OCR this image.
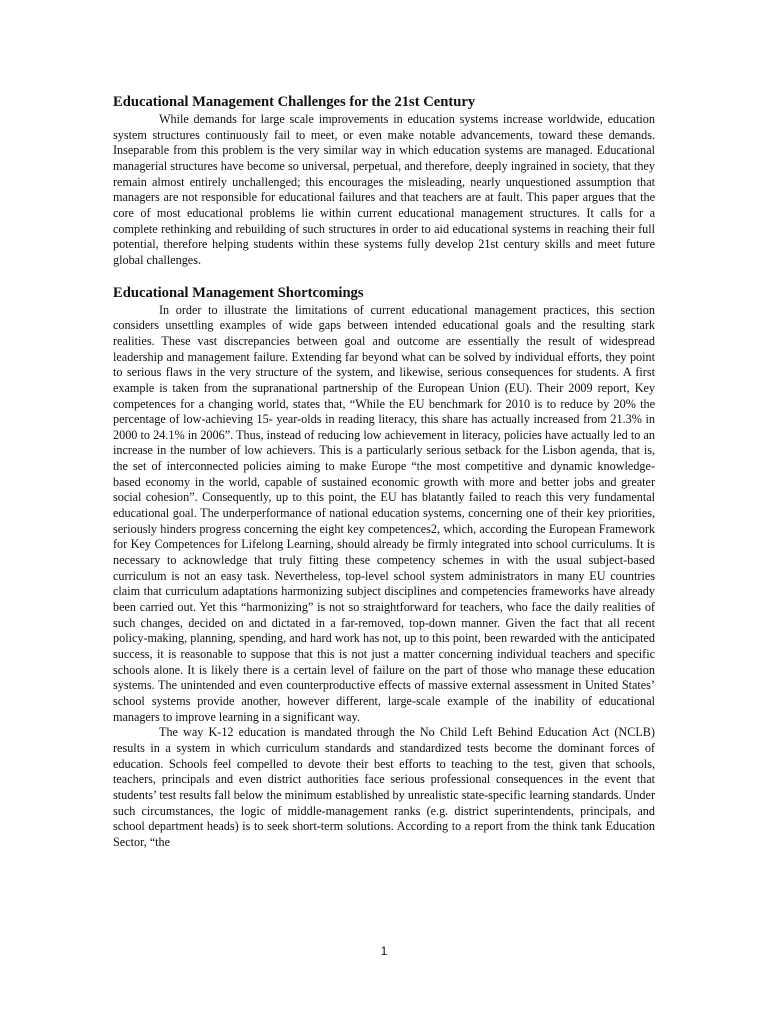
Educational Management Challenges for the 21st Century

While demands for large scale improvements in education systems increase worldwide, education system structures continuously fail to meet, or even make notable advancements, toward these demands. Inseparable from this problem is the very similar way in which education systems are managed. Educational managerial structures have become so universal, perpetual, and therefore, deeply ingrained in society, that they remain almost entirely unchallenged; this encourages the misleading, nearly unquestioned assumption that managers are not responsible for educational failures and that teachers are at fault. This paper argues that the core of most educational problems lie within current educational management structures. It calls for a complete rethinking and rebuilding of such structures in order to aid educational systems in reaching their full potential, therefore helping students within these systems fully develop 21st century skills and meet future global challenges.

Educational Management Shortcomings

In order to illustrate the limitations of current educational management practices, this section considers unsettling examples of wide gaps between intended educational goals and the resulting stark realities. These vast discrepancies between goal and outcome are essentially the result of widespread leadership and management failure. Extending far beyond what can be solved by individual efforts, they point to serious flaws in the very structure of the system, and likewise, serious consequences for students. A first example is taken from the supranational partnership of the European Union (EU). Their 2009 report, Key competences for a changing world, states that, “While the EU benchmark for 2010 is to reduce by 20% the percentage of low-achieving 15- year-olds in reading literacy, this share has actually increased from 21.3% in 2000 to 24.1% in 2006”. Thus, instead of reducing low achievement in literacy, policies have actually led to an increase in the number of low achievers. This is a particularly serious setback for the Lisbon agenda, that is, the set of interconnected policies aiming to make Europe “the most competitive and dynamic knowledge-based economy in the world, capable of sustained economic growth with more and better jobs and greater social cohesion”. Consequently, up to this point, the EU has blatantly failed to reach this very fundamental educational goal. The underperformance of national education systems, concerning one of their key priorities, seriously hinders progress concerning the eight key competences2, which, according the European Framework for Key Competences for Lifelong Learning, should already be firmly integrated into school curriculums. It is necessary to acknowledge that truly fitting these competency schemes in with the usual subject-based curriculum is not an easy task. Nevertheless, top-level school system administrators in many EU countries claim that curriculum adaptations harmonizing subject disciplines and competencies frameworks have already been carried out. Yet this “harmonizing” is not so straightforward for teachers, who face the daily realities of such changes, decided on and dictated in a far-removed, top-down manner. Given the fact that all recent policy-making, planning, spending, and hard work has not, up to this point, been rewarded with the anticipated success, it is reasonable to suppose that this is not just a matter concerning individual teachers and specific schools alone. It is likely there is a certain level of failure on the part of those who manage these education systems. The unintended and even counterproductive effects of massive external assessment in United States’ school systems provide another, however different, large-scale example of the inability of educational managers to improve learning in a significant way.

The way K-12 education is mandated through the No Child Left Behind Education Act (NCLB) results in a system in which curriculum standards and standardized tests become the dominant forces of education. Schools feel compelled to devote their best efforts to teaching to the test, given that schools, teachers, principals and even district authorities face serious professional consequences in the event that students’ test results fall below the minimum established by unrealistic state-specific learning standards. Under such circumstances, the logic of middle-management ranks (e.g. district superintendents, principals, and school department heads) is to seek short-term solutions. According to a report from the think tank Education Sector, “the

1
